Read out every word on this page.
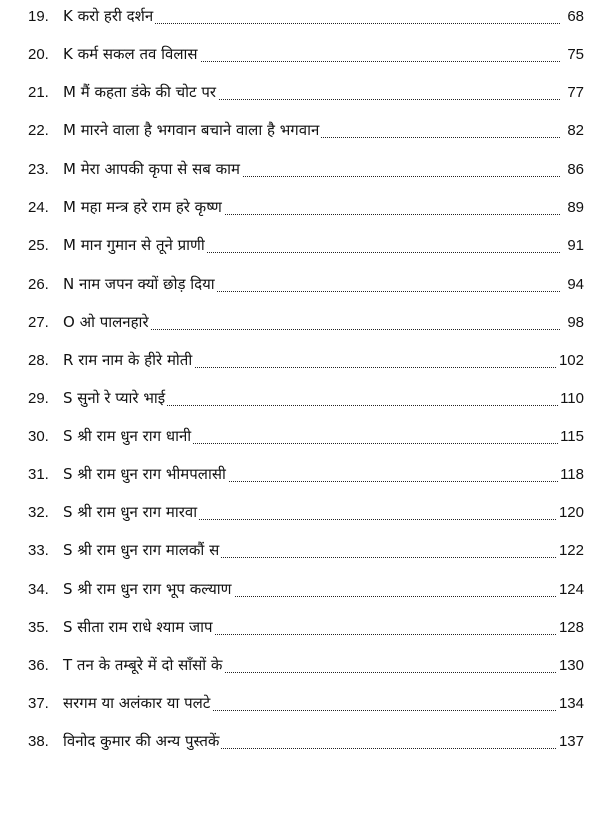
19. K करो हरी दर्शन	68
20. K कर्म सकल तव विलास	75
21. M मैं कहता डंके की चोट पर	77
22. M मारने वाला है भगवान बचाने वाला है भगवान	82
23. M मेरा आपकी कृपा से सब काम	86
24. M महा मन्त्र हरे राम हरे कृष्ण	89
25. M मान गुमान से तूने प्राणी	91
26. N नाम जपन क्यों छोड़ दिया	94
27. O ओ पालनहारे	98
28. R राम नाम के हीरे मोती	102
29. S सुनो रे प्यारे भाई	110
30. S श्री राम धुन राग धानी	115
31. S श्री राम धुन राग भीमपलासी	118
32. S श्री राम धुन राग मारवा	120
33. S श्री राम धुन राग मालकौं स	122
34. S श्री राम धुन राग भूप कल्याण	124
35. S सीता राम राधे श्याम जाप	128
36. T तन के तम्बूरे में दो साँसों के	130
37. सरगम या अलंकार या पलटे	134
38. विनोद कुमार की अन्य पुस्तकें	137
